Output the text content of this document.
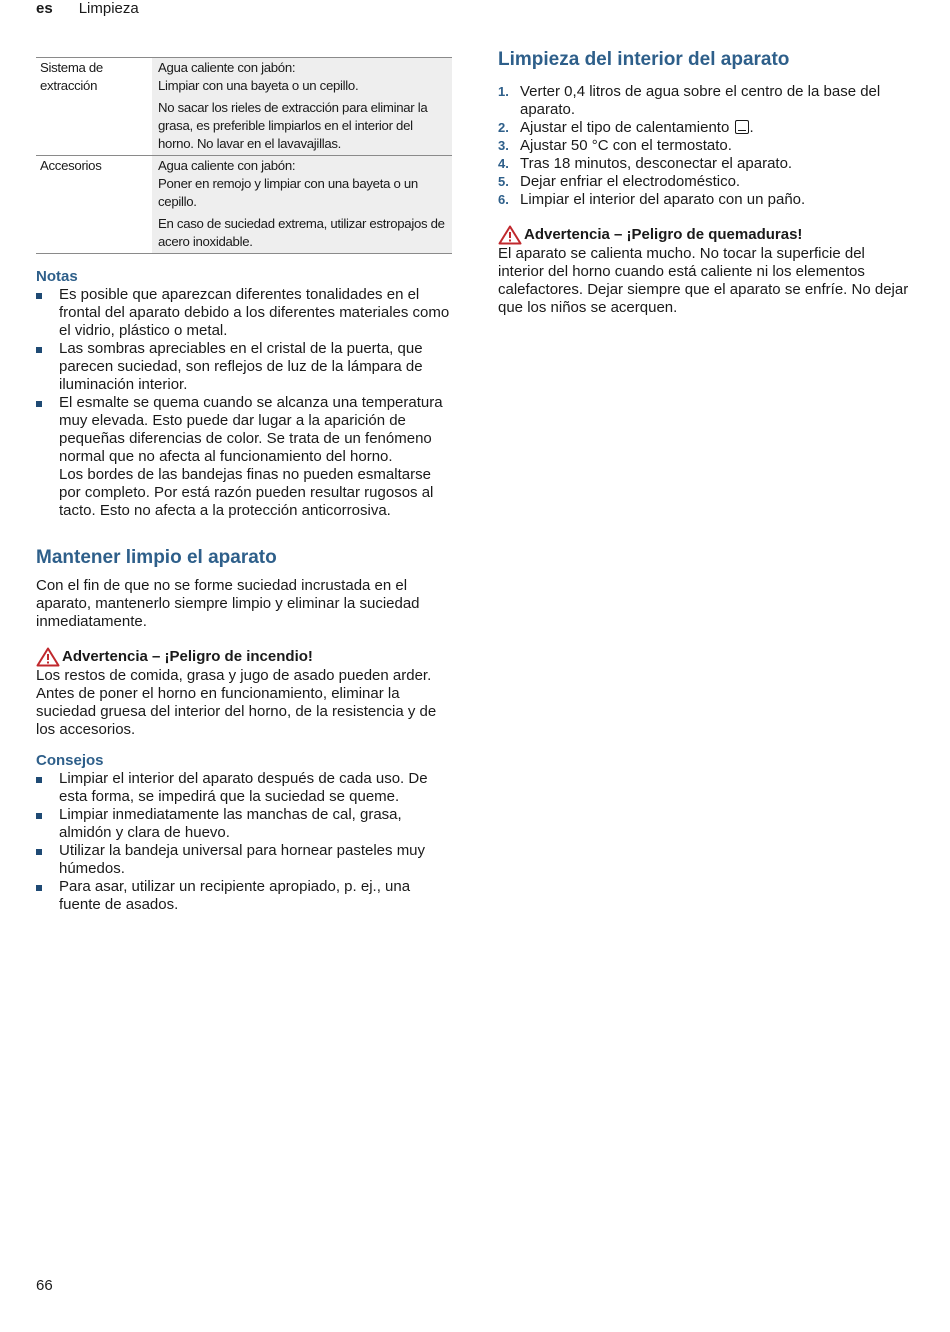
es Limpieza
Sistema de extracción	Agua caliente con jabón:
Limpiar con una bayeta o un cepillo.

No sacar los rieles de extracción para eliminar la grasa, es preferible limpiarlos en el interior del horno. No lavar en el lavavajillas.

Accesorios	Agua caliente con jabón:
Poner en remojo y limpiar con una bayeta o un cepillo.

En caso de suciedad extrema, utilizar estropajos de acero inoxidable.

Notas
Es posible que aparezcan diferentes tonalidades en el frontal del aparato debido a los diferentes materiales como el vidrio, plástico o metal.
Las sombras apreciables en el cristal de la puerta, que parecen suciedad, son reflejos de luz de la lámpara de iluminación interior.
El esmalte se quema cuando se alcanza una temperatura muy elevada. Esto puede dar lugar a la aparición de pequeñas diferencias de color. Se trata de un fenómeno normal que no afecta al funcionamiento del horno.
Los bordes de las bandejas finas no pueden esmaltarse por completo. Por está razón pueden resultar rugosos al tacto. Esto no afecta a la protección anticorrosiva.
Mantener limpio el aparato

Con el fin de que no se forme suciedad incrustada en el aparato, mantenerlo siempre limpio y eliminar la suciedad inmediatamente.

Advertencia – ¡Peligro de incendio!

Los restos de comida, grasa y jugo de asado pueden arder. Antes de poner el horno en funcionamiento, eliminar la suciedad gruesa del interior del horno, de la resistencia y de los accesorios.

Consejos
Limpiar el interior del aparato después de cada uso. De esta forma, se impedirá que la suciedad se queme.
Limpiar inmediatamente las manchas de cal, grasa, almidón y clara de huevo.
Utilizar la bandeja universal para hornear pasteles muy húmedos.
Para asar, utilizar un recipiente apropiado, p. ej., una fuente de asados.
Limpieza del interior del aparato
1. Verter 0,4 litros de agua sobre el centro de la base del aparato.
2. Ajustar el tipo de calentamiento .
3. Ajustar 50 °C con el termostato.
4. Tras 18 minutos, desconectar el aparato.
5. Dejar enfriar el electrodoméstico.
6. Limpiar el interior del aparato con un paño.
Advertencia – ¡Peligro de quemaduras!

El aparato se calienta mucho. No tocar la superficie del interior del horno cuando está caliente ni los elementos calefactores. Dejar siempre que el aparato se enfríe. No dejar que los niños se acerquen.

66
